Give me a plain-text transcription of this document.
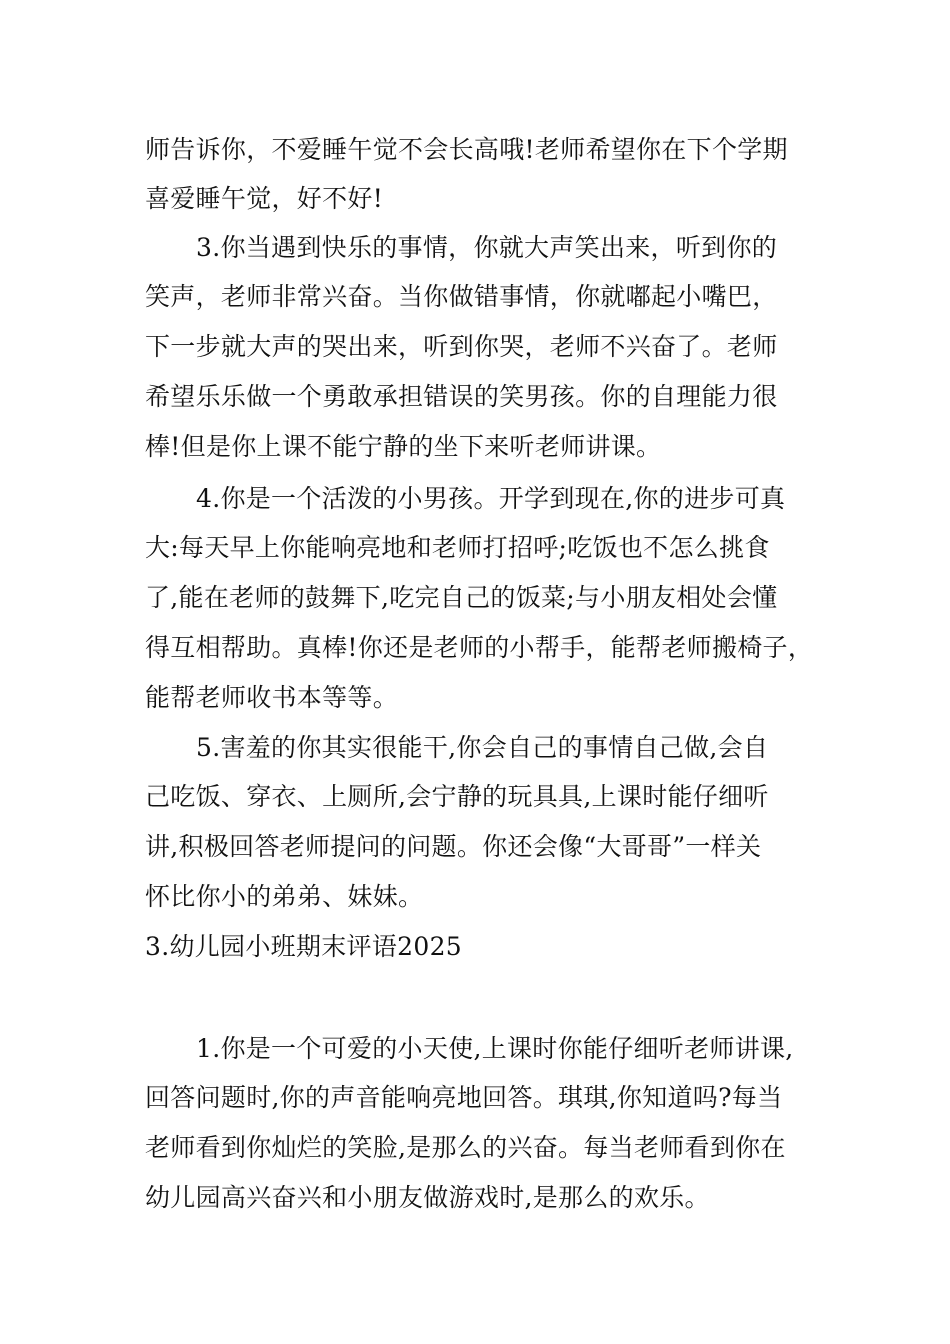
师告诉你，不爱睡午觉不会长高哦!老师希望你在下个学期
喜爱睡午觉，好不好!
3.你当遇到快乐的事情，你就大声笑出来，听到你的
笑声，老师非常兴奋。当你做错事情，你就嘟起小嘴巴，
下一步就大声的哭出来，听到你哭，老师不兴奋了。老师
希望乐乐做一个勇敢承担错误的笑男孩。你的自理能力很
棒!但是你上课不能宁静的坐下来听老师讲课。
4.你是一个活泼的小男孩。开学到现在,你的进步可真
大:每天早上你能响亮地和老师打招呼;吃饭也不怎么挑食
了,能在老师的鼓舞下,吃完自己的饭菜;与小朋友相处会懂
得互相帮助。真棒!你还是老师的小帮手，能帮老师搬椅子，
能帮老师收书本等等。
5.害羞的你其实很能干,你会自己的事情自己做,会自
己吃饭、穿衣、上厕所,会宁静的玩具具,上课时能仔细听
讲,积极回答老师提问的问题。你还会像“大哥哥”一样关
怀比你小的弟弟、妹妹。
3.幼儿园小班期末评语2025
1.你是一个可爱的小天使,上课时你能仔细听老师讲课,
回答问题时,你的声音能响亮地回答。琪琪,你知道吗?每当
老师看到你灿烂的笑脸,是那么的兴奋。每当老师看到你在
幼儿园高兴奋兴和小朋友做游戏时,是那么的欢乐。
